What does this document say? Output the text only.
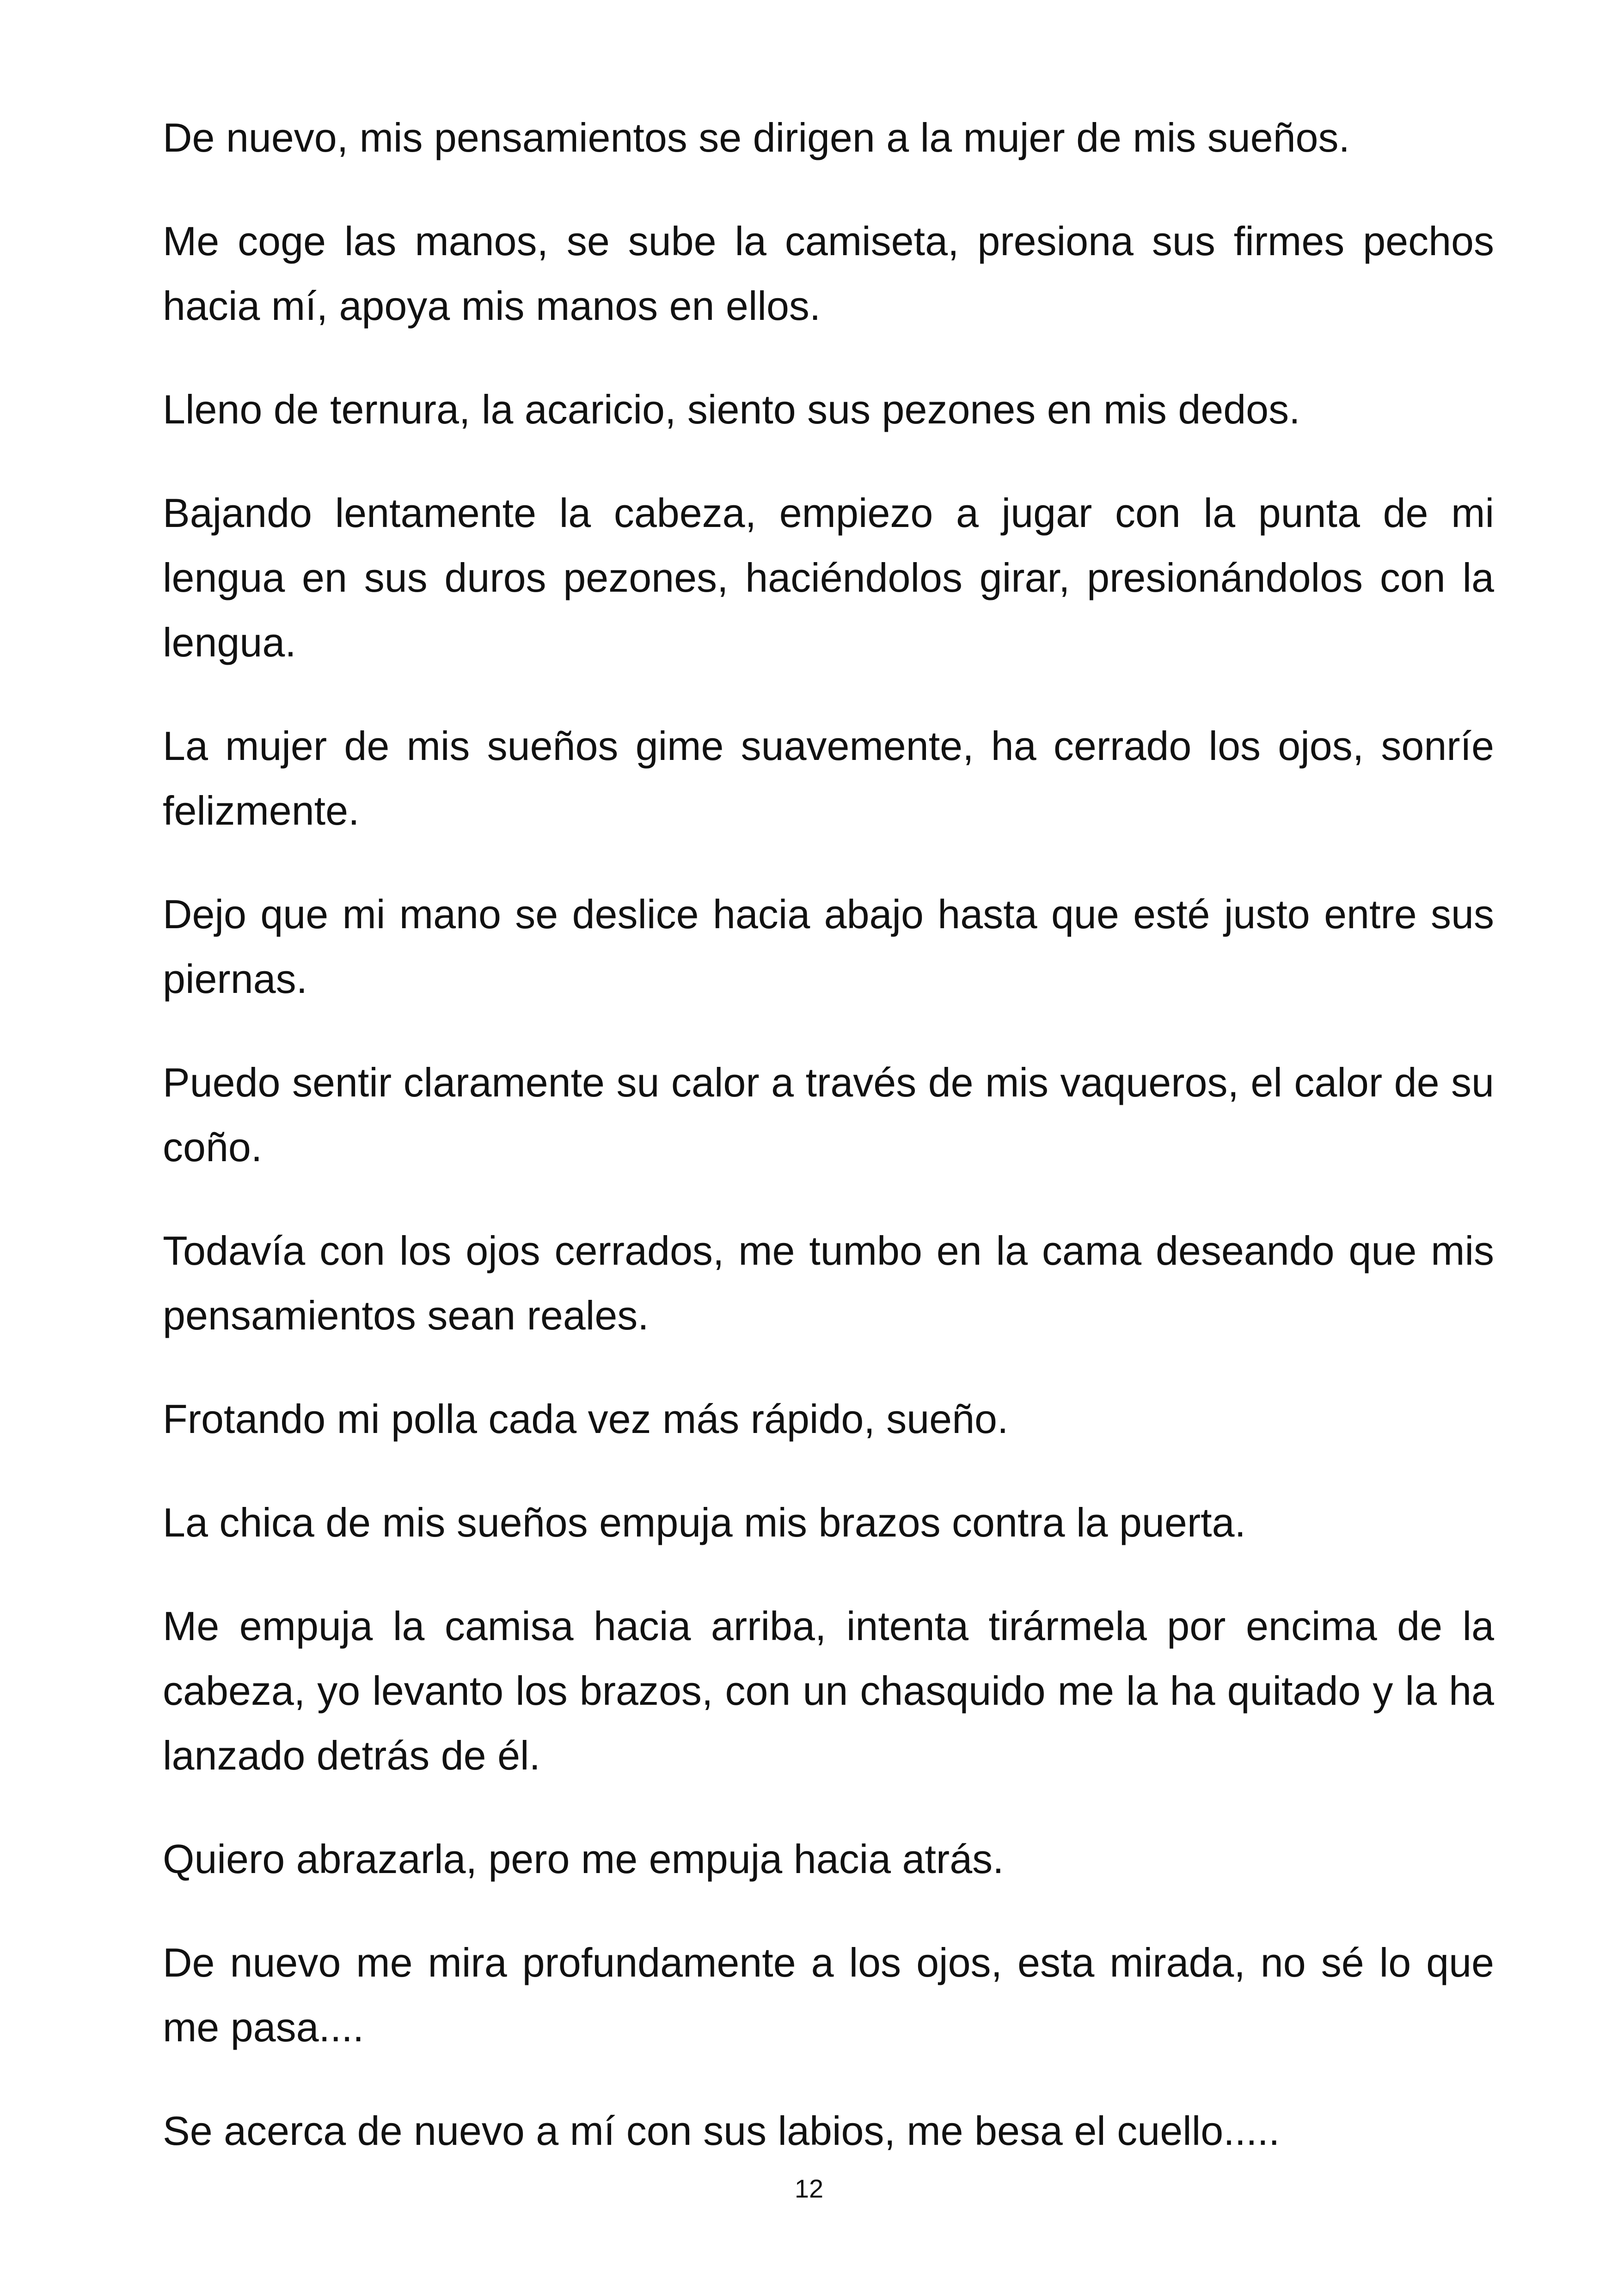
De nuevo, mis pensamientos se dirigen a la mujer de mis sueños.

Me coge las manos, se sube la camiseta, presiona sus firmes pechos hacia mí, apoya mis manos en ellos.

Lleno de ternura, la acaricio, siento sus pezones en mis dedos.

Bajando lentamente la cabeza, empiezo a jugar con la punta de mi lengua en sus duros pezones, haciéndolos girar, presionándolos con la lengua.

La mujer de mis sueños gime suavemente, ha cerrado los ojos, sonríe felizmente.

Dejo que mi mano se deslice hacia abajo hasta que esté justo entre sus piernas.

Puedo sentir claramente su calor a través de mis vaqueros, el calor de su coño.

Todavía con los ojos cerrados, me tumbo en la cama deseando que mis pensamientos sean reales.

Frotando mi polla cada vez más rápido, sueño.

La chica de mis sueños empuja mis brazos contra la puerta.

Me empuja la camisa hacia arriba, intenta tirármela por encima de la cabeza, yo levanto los brazos, con un chasquido me la ha quitado y la ha lanzado detrás de él.

Quiero abrazarla, pero me empuja hacia atrás.

De nuevo me mira profundamente a los ojos, esta mirada, no sé lo que me pasa....

Se acerca de nuevo a mí con sus labios, me besa el cuello.....

12
